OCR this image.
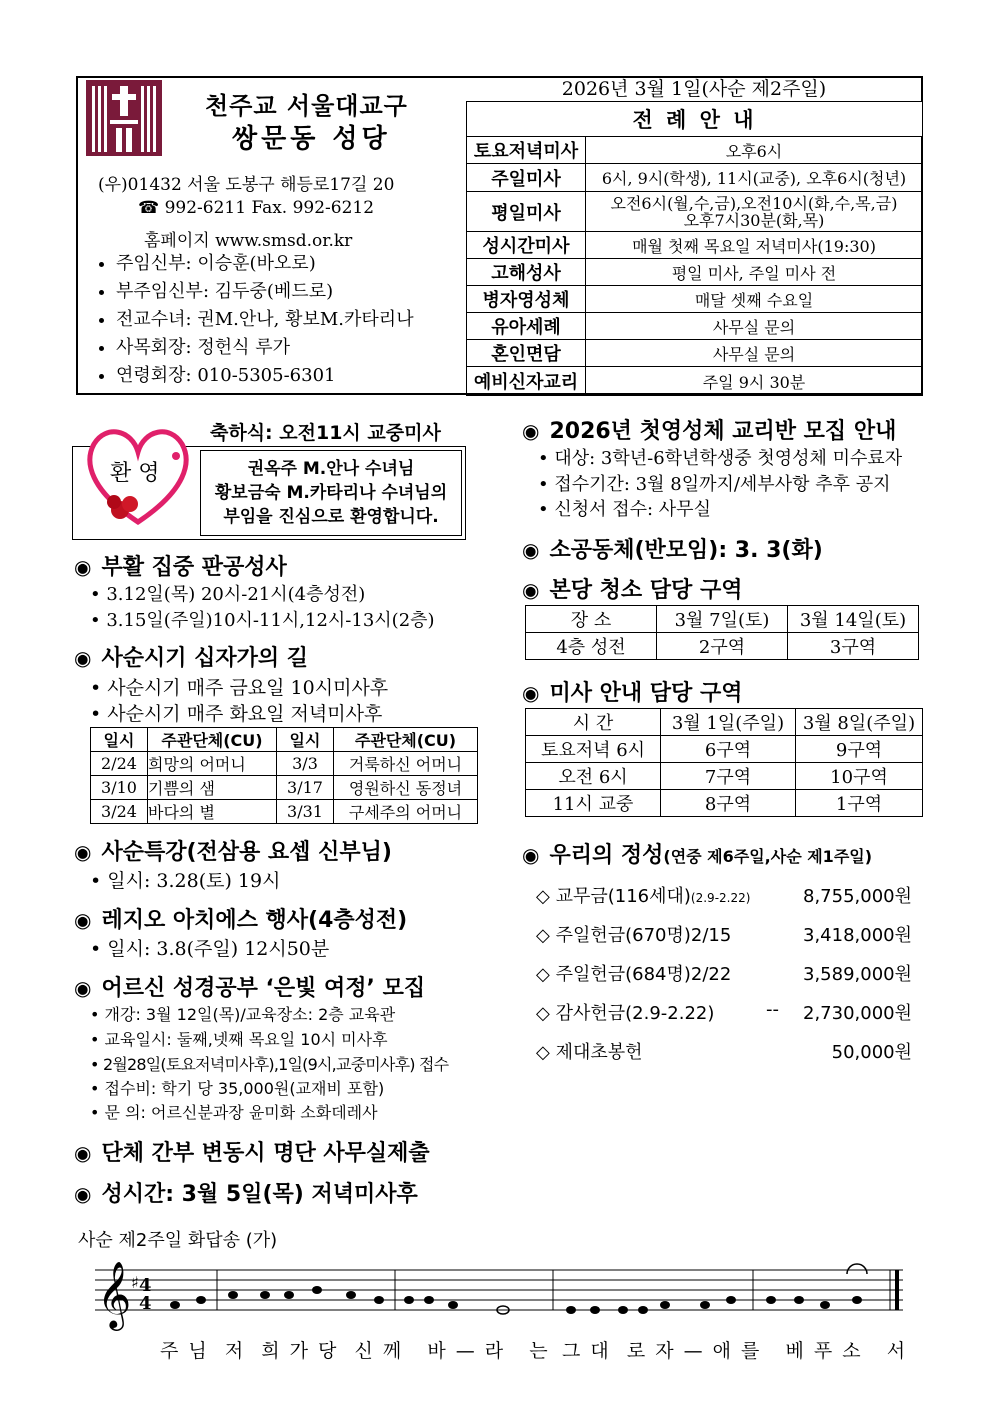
천주교 서울대교구
쌍문동 성당
(우)01432 서울 도봉구 해등로17길 20
☎ 992-6211 Fax. 992-6212
홈페이지 www.smsd.or.kr
• 주임신부: 이승훈(바오로)
• 부주임신부: 김두중(베드로)
• 전교수녀: 권M.안나, 황보M.카타리나
• 사목회장: 정헌식 루가
• 연령회장: 010-5305-6301
2026년 3월 1일(사순 제2주일)
전 례 안 내	
토요저녁미사	오후6시
주일미사	6시, 9시(학생), 11시(교중), 오후6시(청년)
평일미사	오전6시(월,수,금),오전10시(화,수,목,금)
오후7시30분(화,목)

성시간미사	매월 첫째 목요일 저녁미사(19:30)
고해성사	평일 미사, 주일 미사 전
병자영성체	매달 셋째 수요일
유아세례	사무실 문의
혼인면담	사무실 문의
예비신자교리	주일 9시 30분
축하식: 오전11시 교중미사
환 영	권옥주 M.안나 수녀님
황보금숙 M.카타리나 수녀님의
부임을 진심으로 환영합니다.
◉ 부활 집중 판공성사
• 3.12일(목) 20시-21시(4층성전)
• 3.15일(주일)10시-11시,12시-13시(2층)
◉ 사순시기 십자가의 길
• 사순시기 매주 금요일 10시미사후
• 사순시기 매주 화요일 저녁미사후
일시	주관단체(CU)	일시	주관단체(CU)
2/24	희망의 어머니	3/3	거룩하신 어머니
3/10	기쁨의 샘	3/17	영원하신 동정녀
3/24	바다의 별	3/31	구세주의 어머니
◉ 사순특강(전삼용 요셉 신부님)
• 일시: 3.28(토) 19시
◉ 레지오 아치에스 행사(4층성전)
• 일시: 3.8(주일) 12시50분
◉ 어르신 성경공부 ‘은빛 여정’ 모집
• 개강: 3월 12일(목)/교육장소: 2층 교육관
• 교육일시: 둘째,넷째 목요일 10시 미사후
• 2월28일(토요저녁미사후),1일(9시,교중미사후) 접수
• 접수비: 학기 당 35,000원(교재비 포함)
• 문 의: 어르신분과장 윤미화 소화데레사
◉ 단체 간부 변동시 명단 사무실제출
◉ 성시간: 3월 5일(목) 저녁미사후
◉ 2026년 첫영성체 교리반 모집 안내
• 대상: 3학년-6학년학생중 첫영성체 미수료자
• 접수기간: 3월 8일까지/세부사항 추후 공지
• 신청서 접수: 사무실
◉ 소공동체(반모임): 3. 3(화)
◉ 본당 청소 담당 구역
장 소	3월 7일(토)	3월 14일(토)
4층 성전	2구역	3구역
◉ 미사 안내 담당 구역
시 간	3월 1일(주일)	3월 8일(주일)
토요저녁 6시	6구역	9구역
오전 6시	7구역	10구역
11시 교중	8구역	1구역
◉ 우리의 정성(연중 제6주일,사순 제1주일)
◇ 교무금(116세대)(2.9-2.22)	8,755,000원
◇ 주일헌금(670명)2/15	3,418,000원
◇ 주일헌금(684명)2/22	3,589,000원
◇ 감사헌금(2.9-2.22)	-- 2,730,000원
◇ 제대초봉헌	50,000원
사순 제2주일 화답송 (가)
𝄞 ♯ 4
4
주 님  저  희 가 당  신 께   바 — 라   는 그 대  로 자 — 애 를   베 푸 소   서
